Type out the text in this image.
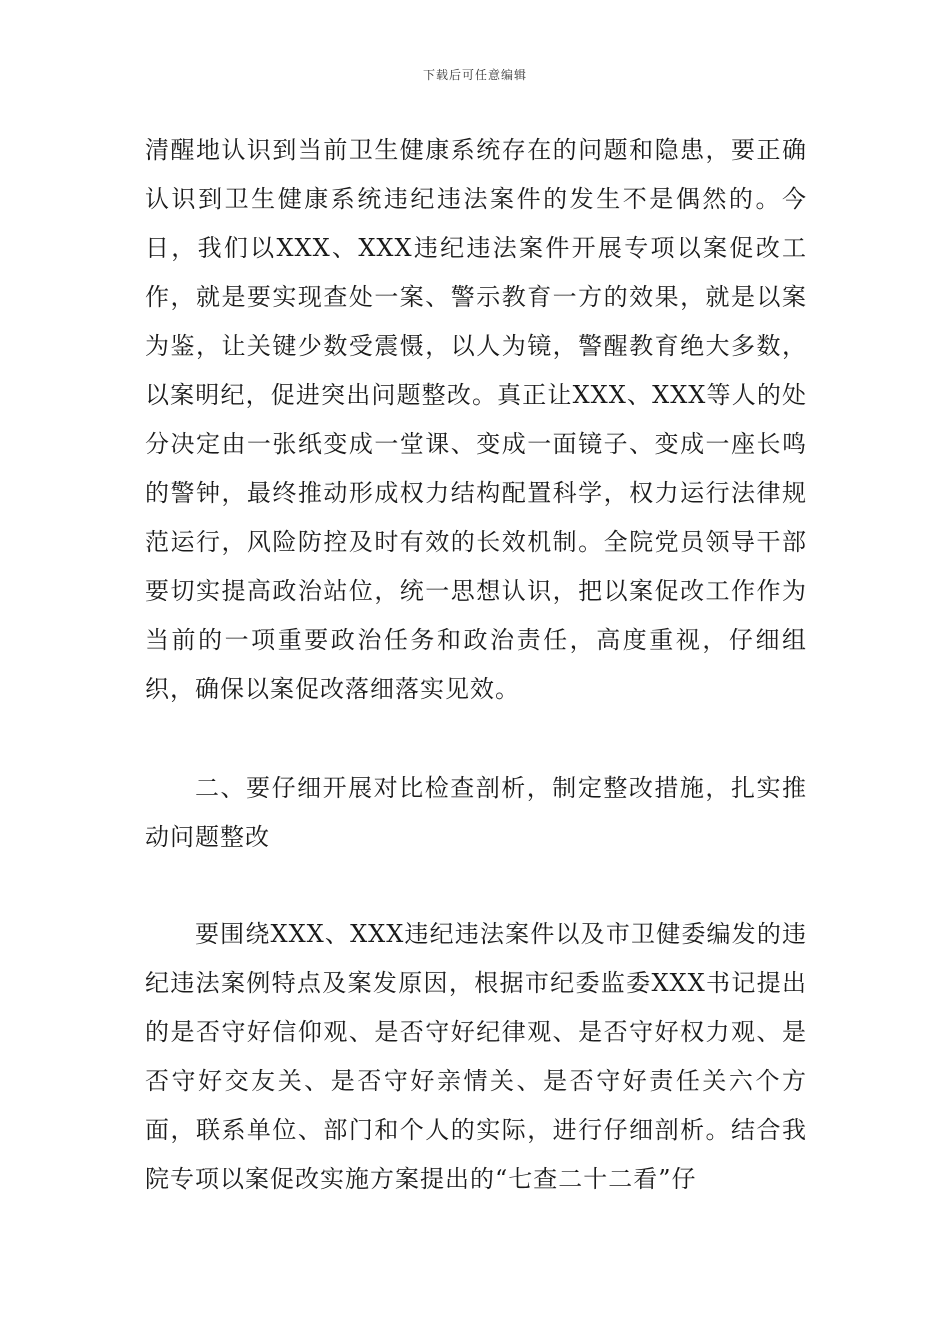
下载后可任意编辑

清醒地认识到当前卫生健康系统存在的问题和隐患，要正确认识到卫生健康系统违纪违法案件的发生不是偶然的。今日，我们以XXX、XXX违纪违法案件开展专项以案促改工作，就是要实现查处一案、警示教育一方的效果，就是以案为鉴，让关键少数受震慑，以人为镜，警醒教育绝大多数，以案明纪，促进突出问题整改。真正让XXX、XXX等人的处分决定由一张纸变成一堂课、变成一面镜子、变成一座长鸣的警钟，最终推动形成权力结构配置科学，权力运行法律规范运行，风险防控及时有效的长效机制。全院党员领导干部要切实提高政治站位，统一思想认识，把以案促改工作作为当前的一项重要政治任务和政治责任，高度重视，仔细组织，确保以案促改落细落实见效。

二、要仔细开展对比检查剖析，制定整改措施，扎实推动问题整改

要围绕XXX、XXX违纪违法案件以及市卫健委编发的违纪违法案例特点及案发原因，根据市纪委监委XXX书记提出的是否守好信仰观、是否守好纪律观、是否守好权力观、是否守好交友关、是否守好亲情关、是否守好责任关六个方面，联系单位、部门和个人的实际，进行仔细剖析。结合我院专项以案促改实施方案提出的“七查二十二看”仔
